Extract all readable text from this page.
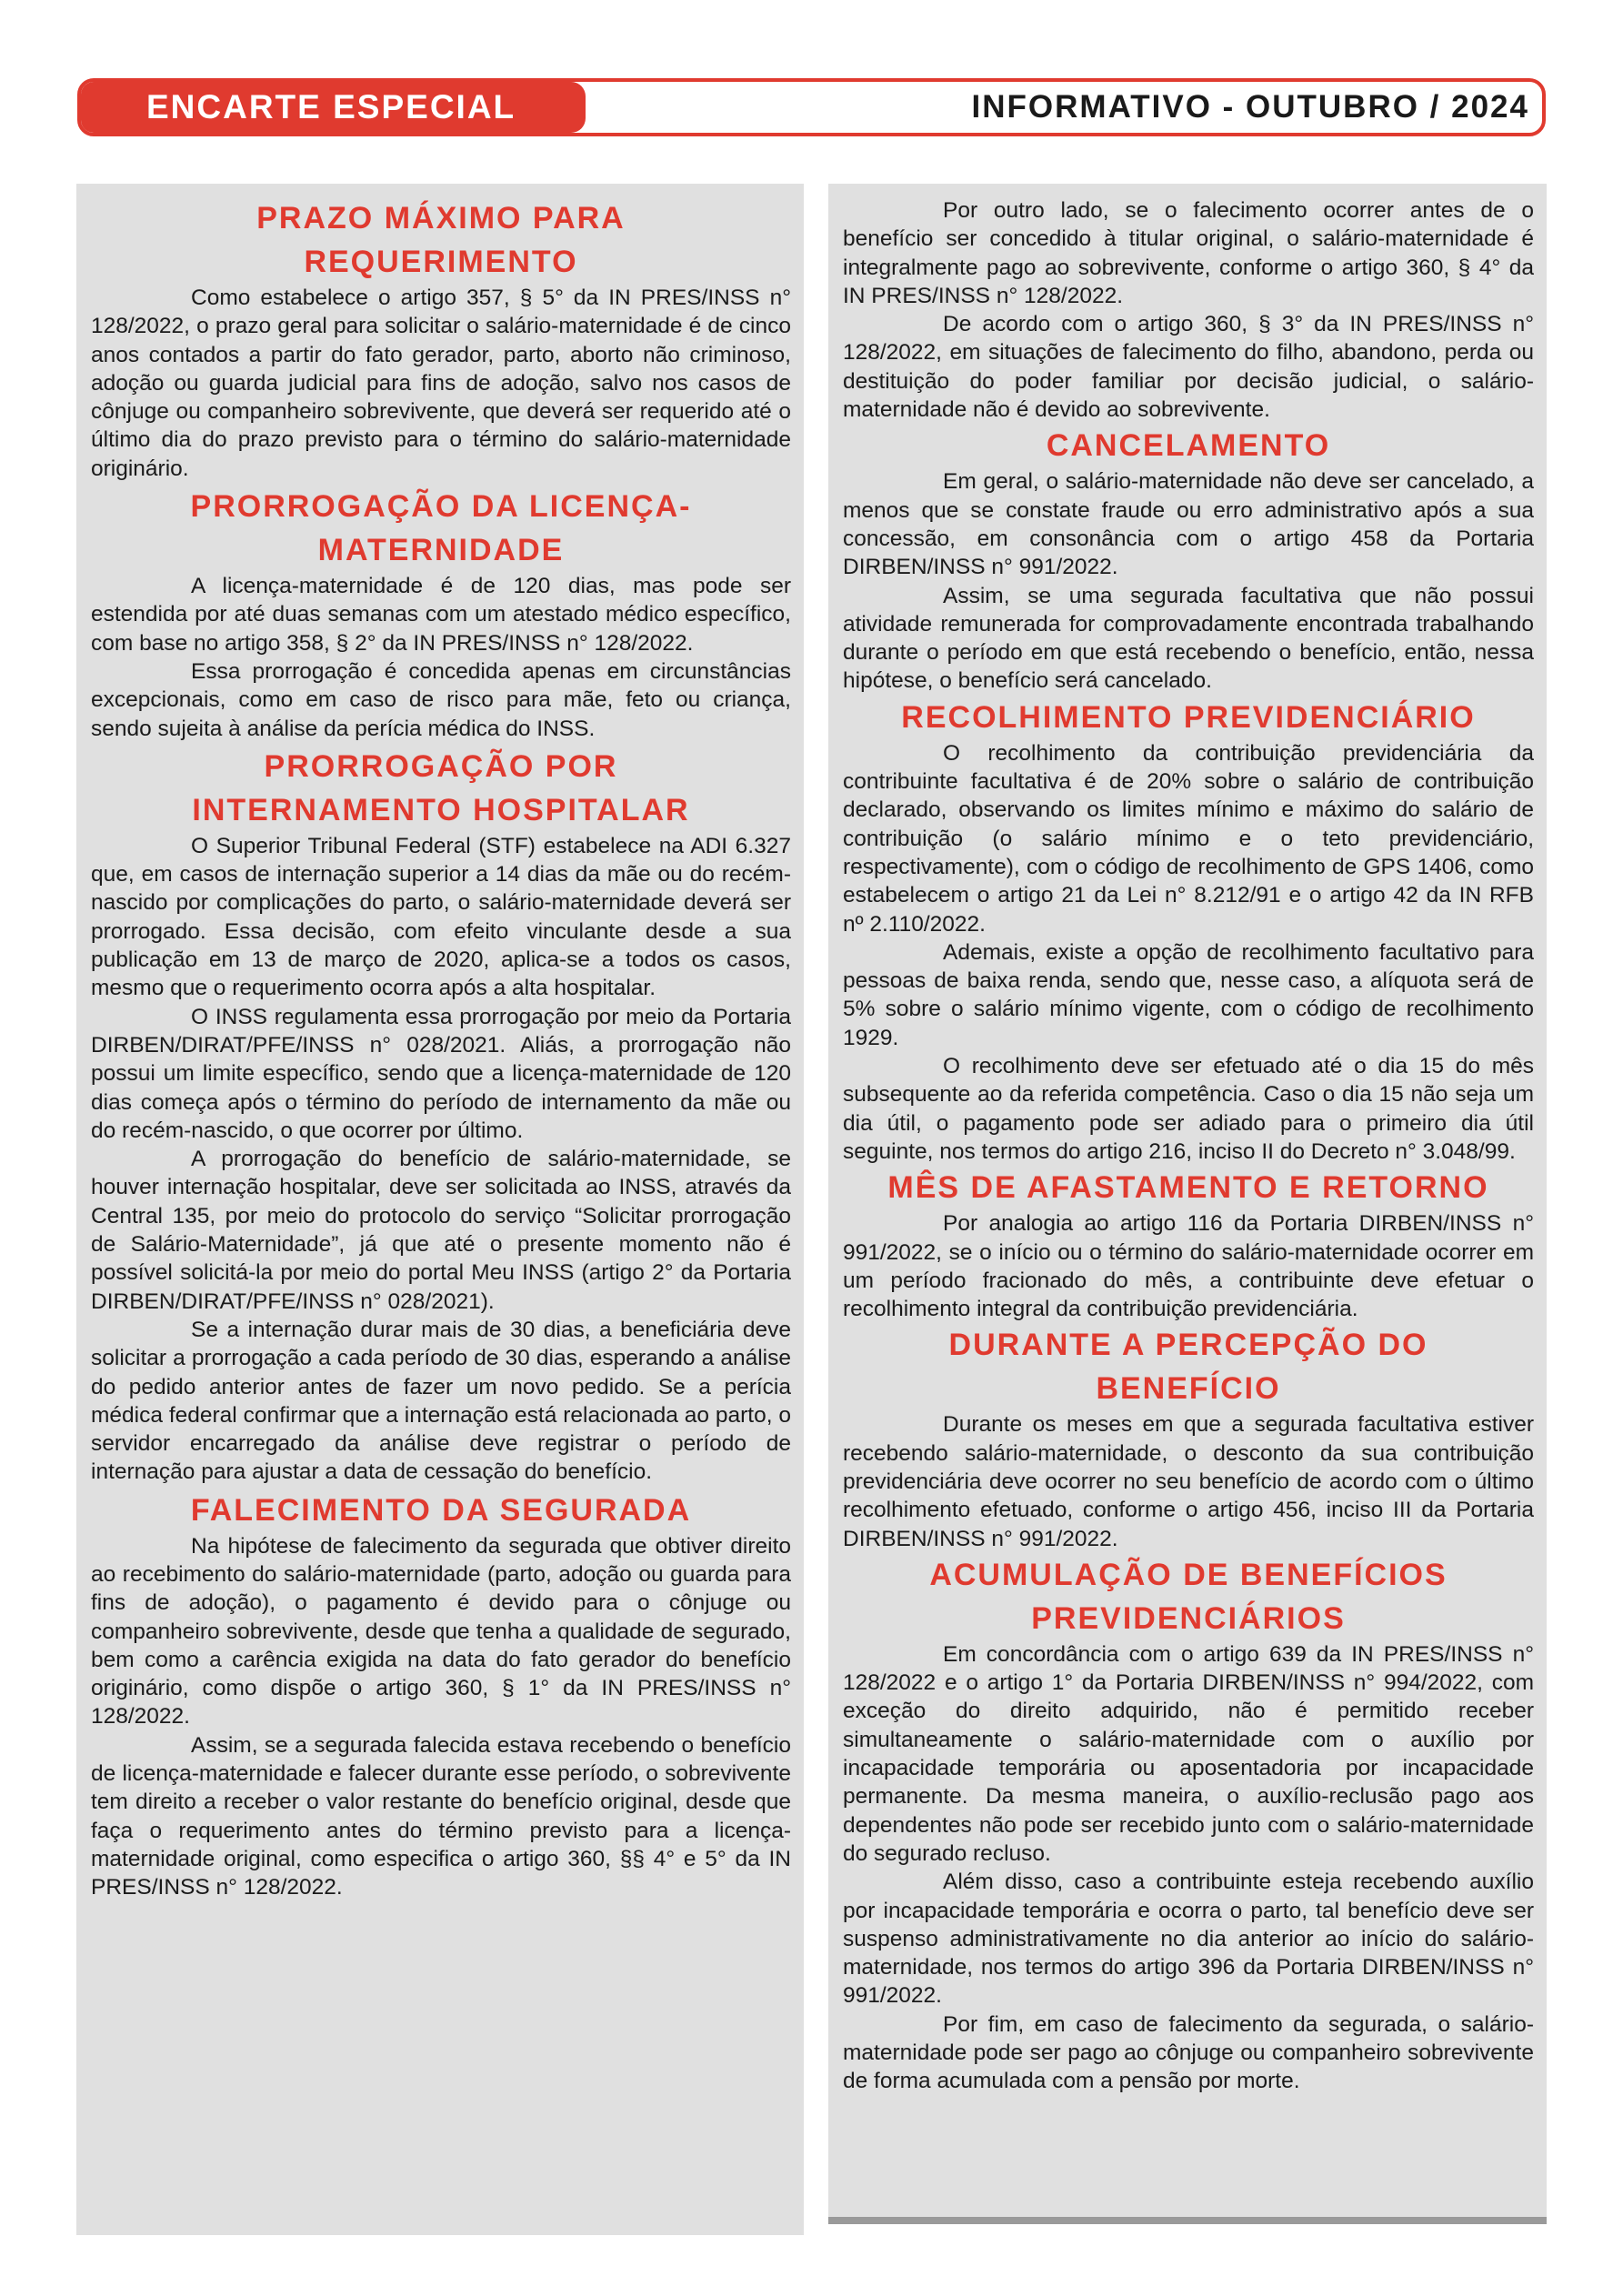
ENCARTE ESPECIAL	INFORMATIVO - OUTUBRO / 2024
PRAZO MÁXIMO PARA REQUERIMENTO

Como estabelece o artigo 357, § 5° da IN PRES/INSS n° 128/2022, o prazo geral para solicitar o salário-maternidade é de cinco anos contados a partir do fato gerador, parto, aborto não criminoso, adoção ou guarda judicial para fins de adoção, salvo nos casos de cônjuge ou companheiro sobrevivente, que deverá ser requerido até o último dia do prazo previsto para o término do salário-maternidade originário.

PRORROGAÇÃO DA LICENÇA-MATERNIDADE

A licença-maternidade é de 120 dias, mas pode ser estendida por até duas semanas com um atestado médico específico, com base no artigo 358, § 2° da IN PRES/INSS n° 128/2022.

Essa prorrogação é concedida apenas em circunstâncias excepcionais, como em caso de risco para mãe, feto ou criança, sendo sujeita à análise da perícia médica do INSS.

PRORROGAÇÃO POR INTERNAMENTO HOSPITALAR

O Superior Tribunal Federal (STF) estabelece na ADI 6.327 que, em casos de internação superior a 14 dias da mãe ou do recém-nascido por complicações do parto, o salário-maternidade deverá ser prorrogado. Essa decisão, com efeito vinculante desde a sua publicação em 13 de março de 2020, aplica-se a todos os casos, mesmo que o requerimento ocorra após a alta hospitalar.

O INSS regulamenta essa prorrogação por meio da Portaria DIRBEN/DIRAT/PFE/INSS n° 028/2021. Aliás, a prorrogação não possui um limite específico, sendo que a licença-maternidade de 120 dias começa após o término do período de internamento da mãe ou do recém-nascido, o que ocorrer por último.

A prorrogação do benefício de salário-maternidade, se houver internação hospitalar, deve ser solicitada ao INSS, através da Central 135, por meio do protocolo do serviço “Solicitar prorrogação de Salário-Maternidade”, já que até o presente momento não é possível solicitá-la por meio do portal Meu INSS (artigo 2° da Portaria DIRBEN/DIRAT/PFE/INSS n° 028/2021).

Se a internação durar mais de 30 dias, a beneficiária deve solicitar a prorrogação a cada período de 30 dias, esperando a análise do pedido anterior antes de fazer um novo pedido. Se a perícia médica federal confirmar que a internação está relacionada ao parto, o servidor encarregado da análise deve registrar o período de internação para ajustar a data de cessação do benefício.

FALECIMENTO DA SEGURADA

Na hipótese de falecimento da segurada que obtiver direito ao recebimento do salário-maternidade (parto, adoção ou guarda para fins de adoção), o pagamento é devido para o cônjuge ou companheiro sobrevivente, desde que tenha a qualidade de segurado, bem como a carência exigida na data do fato gerador do benefício originário, como dispõe o artigo 360, § 1° da IN PRES/INSS n° 128/2022.

Assim, se a segurada falecida estava recebendo o benefício de licença-maternidade e falecer durante esse período, o sobrevivente tem direito a receber o valor restante do benefício original, desde que faça o requerimento antes do término previsto para a licença-maternidade original, como especifica o artigo 360, §§ 4° e 5° da IN PRES/INSS n° 128/2022.

Por outro lado, se o falecimento ocorrer antes de o benefício ser concedido à titular original, o salário-maternidade é integralmente pago ao sobrevivente, conforme o artigo 360, § 4° da IN PRES/INSS n° 128/2022.

De acordo com o artigo 360, § 3° da IN PRES/INSS n° 128/2022, em situações de falecimento do filho, abandono, perda ou destituição do poder familiar por decisão judicial, o salário-maternidade não é devido ao sobrevivente.

CANCELAMENTO

Em geral, o salário-maternidade não deve ser cancelado, a menos que se constate fraude ou erro administrativo após a sua concessão, em consonância com o artigo 458 da Portaria DIRBEN/INSS n° 991/2022.

Assim, se uma segurada facultativa que não possui atividade remunerada for comprovadamente encontrada trabalhando durante o período em que está recebendo o benefício, então, nessa hipótese, o benefício será cancelado.

RECOLHIMENTO PREVIDENCIÁRIO

O recolhimento da contribuição previdenciária da contribuinte facultativa é de 20% sobre o salário de contribuição declarado, observando os limites mínimo e máximo do salário de contribuição (o salário mínimo e o teto previdenciário, respectivamente), com o código de recolhimento de GPS 1406, como estabelecem o artigo 21 da Lei n° 8.212/91 e o artigo 42 da IN RFB nº 2.110/2022.

Ademais, existe a opção de recolhimento facultativo para pessoas de baixa renda, sendo que, nesse caso, a alíquota será de 5% sobre o salário mínimo vigente, com o código de recolhimento 1929.

O recolhimento deve ser efetuado até o dia 15 do mês subsequente ao da referida competência. Caso o dia 15 não seja um dia útil, o pagamento pode ser adiado para o primeiro dia útil seguinte, nos termos do artigo 216, inciso II do Decreto n° 3.048/99.

MÊS DE AFASTAMENTO E RETORNO

Por analogia ao artigo 116 da Portaria DIRBEN/INSS n° 991/2022, se o início ou o término do salário-maternidade ocorrer em um período fracionado do mês, a contribuinte deve efetuar o recolhimento integral da contribuição previdenciária.

DURANTE A PERCEPÇÃO DO BENEFÍCIO

Durante os meses em que a segurada facultativa estiver recebendo salário-maternidade, o desconto da sua contribuição previdenciária deve ocorrer no seu benefício de acordo com o último recolhimento efetuado, conforme o artigo 456, inciso III da Portaria DIRBEN/INSS n° 991/2022.

ACUMULAÇÃO DE BENEFÍCIOS PREVIDENCIÁRIOS

Em concordância com o artigo 639 da IN PRES/INSS n° 128/2022 e o artigo 1° da Portaria DIRBEN/INSS n° 994/2022, com exceção do direito adquirido, não é permitido receber simultaneamente o salário-maternidade com o auxílio por incapacidade temporária ou aposentadoria por incapacidade permanente. Da mesma maneira, o auxílio-reclusão pago aos dependentes não pode ser recebido junto com o salário-maternidade do segurado recluso.

Além disso, caso a contribuinte esteja recebendo auxílio por incapacidade temporária e ocorra o parto, tal benefício deve ser suspenso administrativamente no dia anterior ao início do salário-maternidade, nos termos do artigo 396 da Portaria DIRBEN/INSS n° 991/2022.

Por fim, em caso de falecimento da segurada, o salário-maternidade pode ser pago ao cônjuge ou companheiro sobrevivente de forma acumulada com a pensão por morte.
